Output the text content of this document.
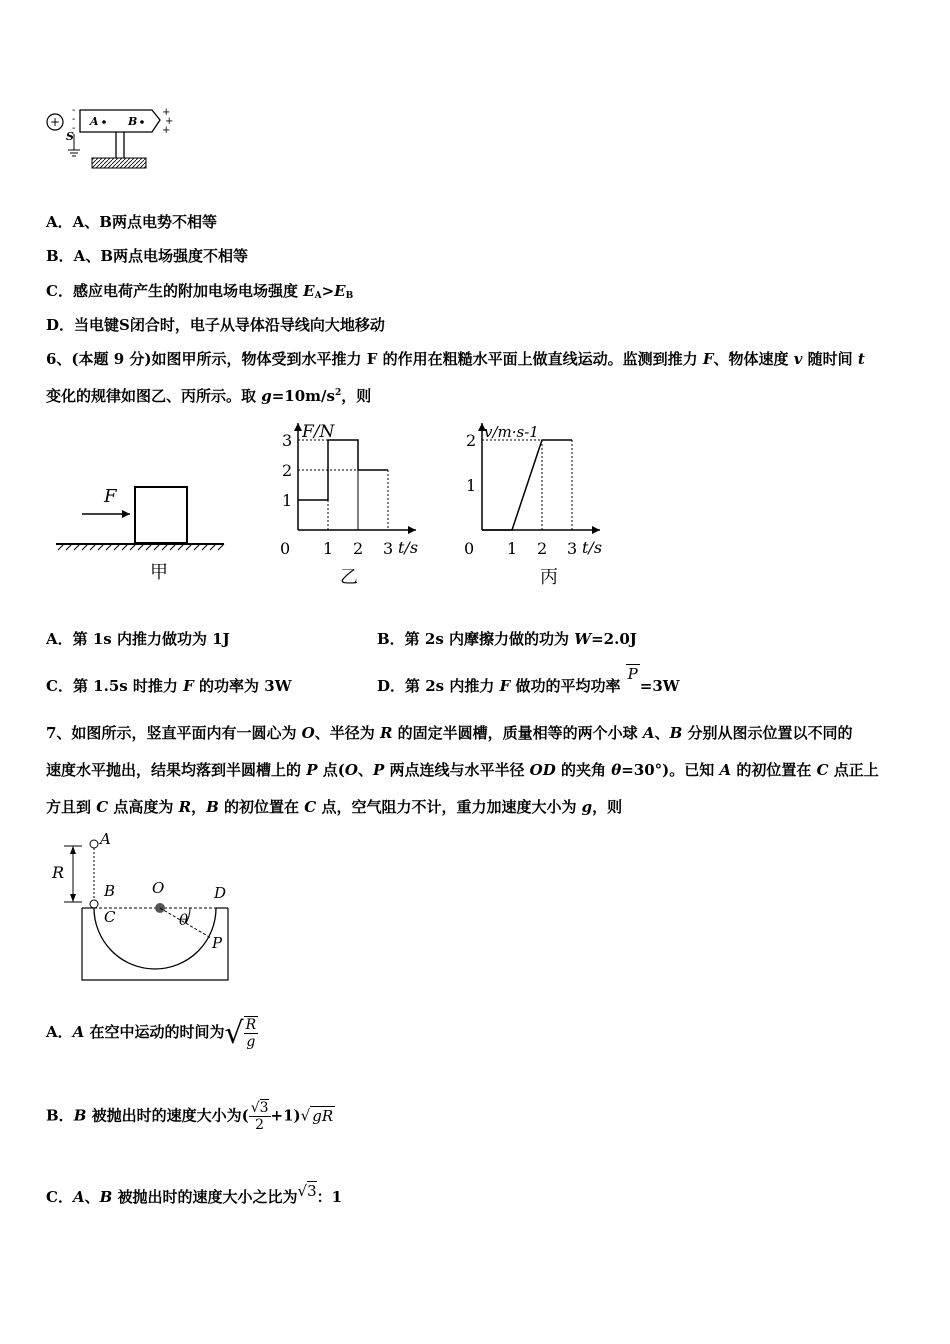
+	A	B
-
-
-
+
+
+
S
A．A、B两点电势不相等
B．A、B两点电场强度不相等
C．感应电荷产生的附加电场电场强度 $E_A>E_B$
D．当电键S闭合时，电子从导体沿导线向大地移动
6、(本题 9 分)如图甲所示，物体受到水平推力 F 的作用在粗糙水平面上做直线运动。监测到推力 F、物体速度 v 随时间 t
变化的规律如图乙、丙所示。取 $g=10m/s^2$，则
F
甲
F/N
t/s
乙
0 1 2 3
1
2
3	v/m·s-1
t/s
丙
0 1 2 3
1
2
A．第 1s 内推力做功为 1J	B．第 2s 内摩擦力做的功为 W=2.0J
C．第 1.5s 时推力 F 的功率为 3W	D．第 2s 内推力 F 做功的平均功率 P=3W
7、如图所示，竖直平面内有一圆心为 O、半径为 R 的固定半圆槽，质量相等的两个小球 A、B 分别从图示位置以不同的
速度水平抛出，结果均落到半圆槽上的 P 点(O、P 两点连线与水平半径 OD 的夹角 θ=30°)。已知 A 的初位置在 C 点正上
方且到 C 点高度为 R，B 的初位置在 C 点，空气阻力不计，重力加速度大小为 g，则
A
R
B O	D
C	θ
P
A．A 在空中运动的时间为√ $\frac{R}{g}$
B．B 被抛出时的速度大小为( $\frac{√3}{2} +1)√$ gR
C．A、B 被抛出时的速度大小之比为√3：1
